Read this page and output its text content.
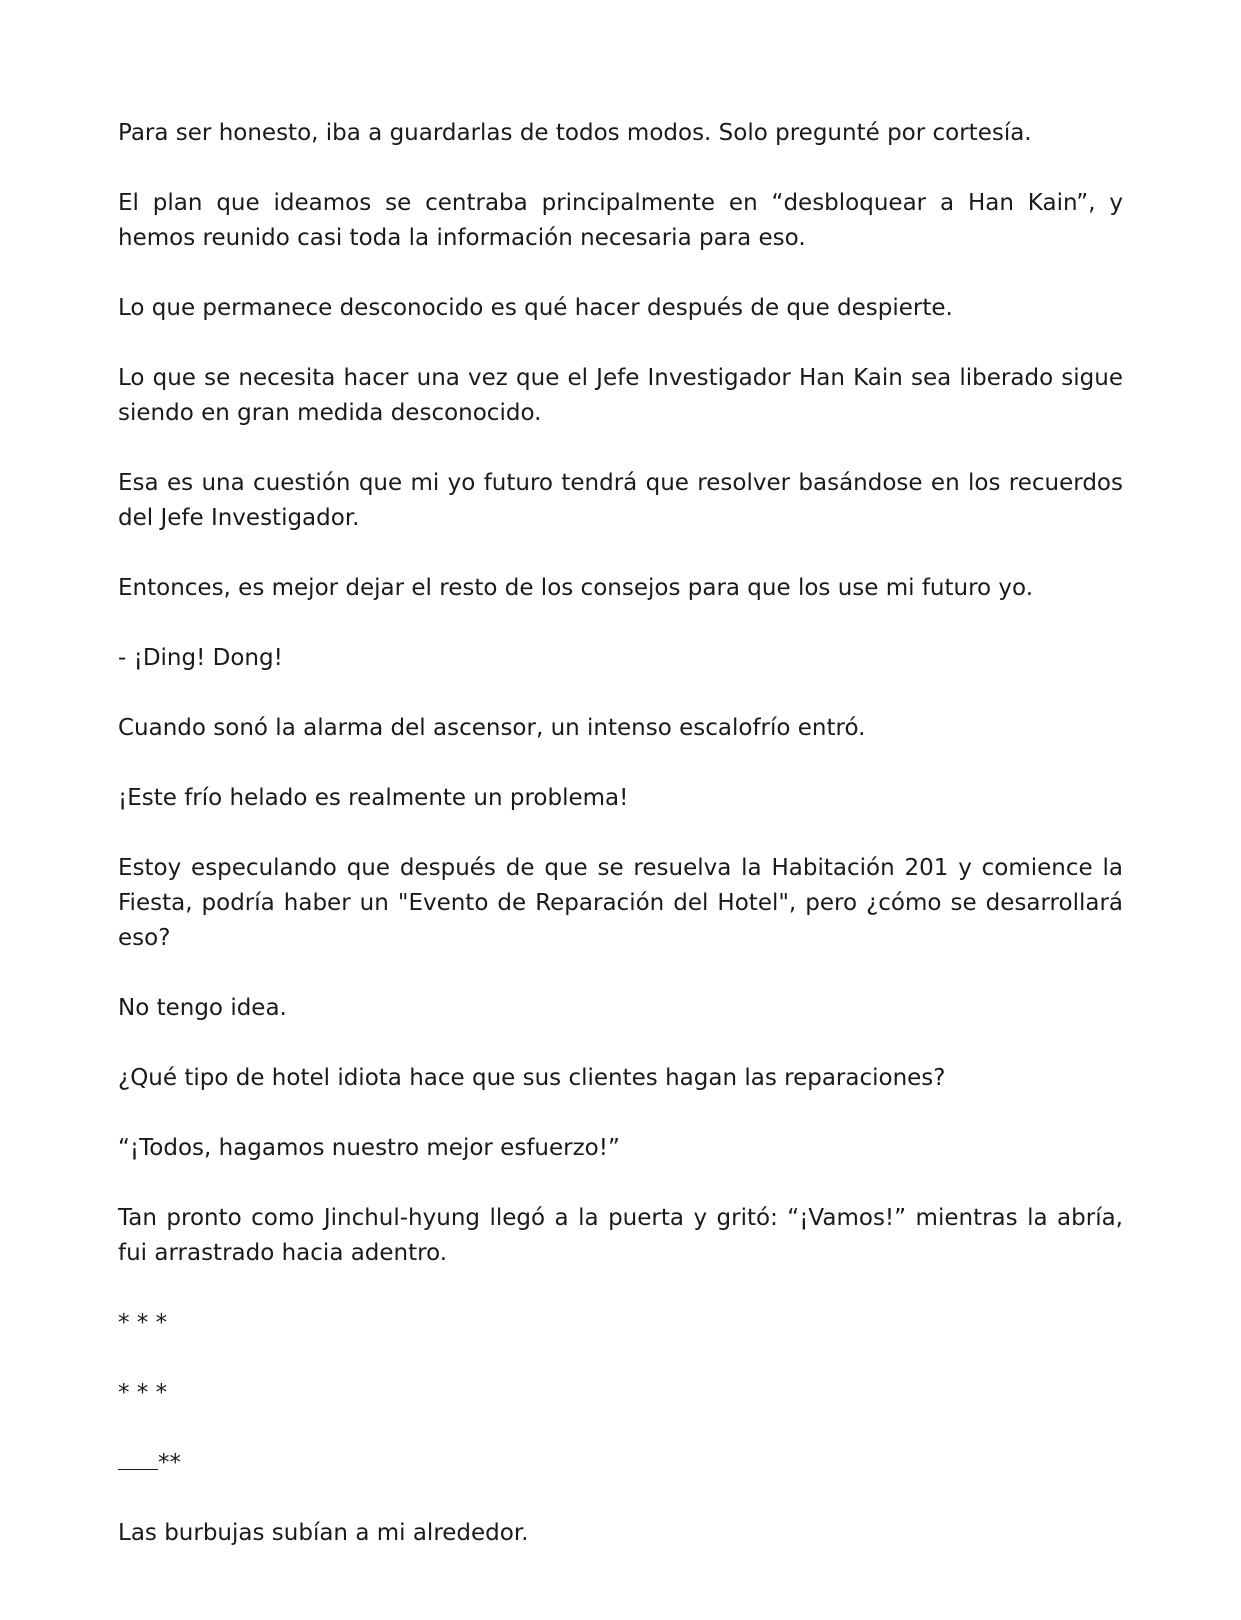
Para ser honesto, iba a guardarlas de todos modos. Solo pregunté por cortesía.

El plan que ideamos se centraba principalmente en “desbloquear a Han Kain”, y hemos reunido casi toda la información necesaria para eso.

Lo que permanece desconocido es qué hacer después de que despierte.

Lo que se necesita hacer una vez que el Jefe Investigador Han Kain sea liberado sigue siendo en gran medida desconocido.

Esa es una cuestión que mi yo futuro tendrá que resolver basándose en los recuerdos del Jefe Investigador.

Entonces, es mejor dejar el resto de los consejos para que los use mi futuro yo.

- ¡Ding! Dong!

Cuando sonó la alarma del ascensor, un intenso escalofrío entró.

¡Este frío helado es realmente un problema!

Estoy especulando que después de que se resuelva la Habitación 201 y comience la Fiesta, podría haber un "Evento de Reparación del Hotel", pero ¿cómo se desarrollará eso?

No tengo idea.

¿Qué tipo de hotel idiota hace que sus clientes hagan las reparaciones?

“¡Todos, hagamos nuestro mejor esfuerzo!”

Tan pronto como Jinchul-hyung llegó a la puerta y gritó: “¡Vamos!” mientras la abría, fui arrastrado hacia adentro.

* * *

* * *

**

Las burbujas subían a mi alrededor.
